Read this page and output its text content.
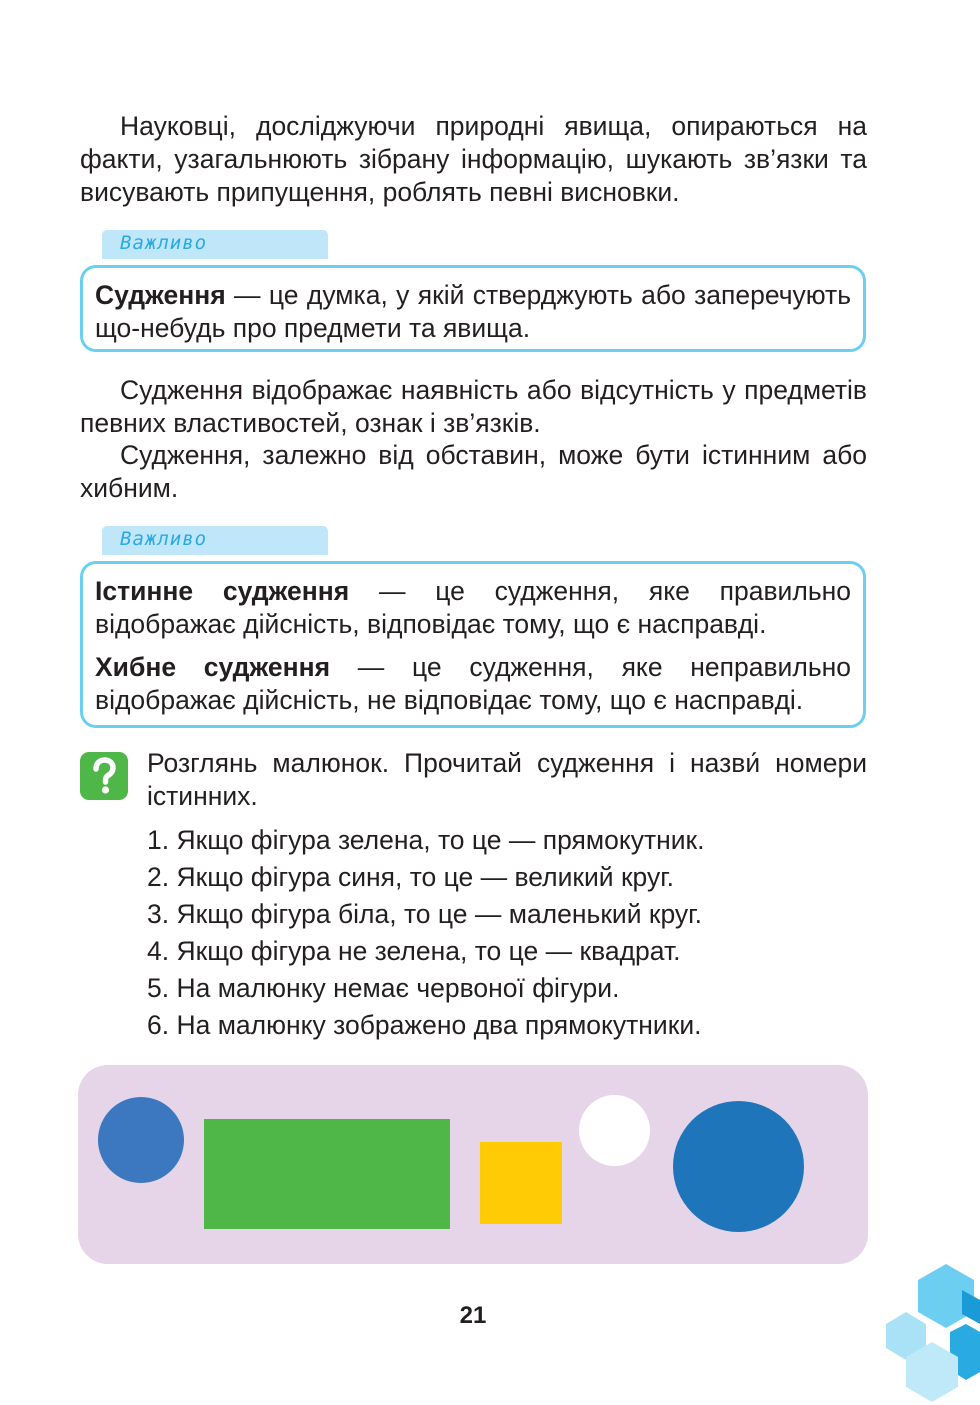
Науковці, досліджуючи природні явища, опираються на факти, узагальнюють зібрану інформацію, шукають зв’язки та висувають припущення, роблять певні висновки.

Важливо

Судження — це думка, у якій стверджують або заперечують що-небудь про предмети та явища.

Судження відображає наявність або відсутність у предметів певних властивостей, ознак і зв’язків.

Судження, залежно від обставин, може бути істинним або хибним.

Важливо

Істинне судження — це судження, яке правильно відображає дійсність, відповідає тому, що є насправді.

Хибне судження — це судження, яке неправильно відображає дійсність, не відповідає тому, що є насправді.

Розглянь малюнок. Прочитай судження і назви́ номери істинних.

1. Якщо фігура зелена, то це — прямокутник.
2. Якщо фігура синя, то це — великий круг.
3. Якщо фігура біла, то це — маленький круг.
4. Якщо фігура не зелена, то це — квадрат.
5. На малюнку немає червоної фігури.
6. На малюнку зображено два прямокутники.
21
